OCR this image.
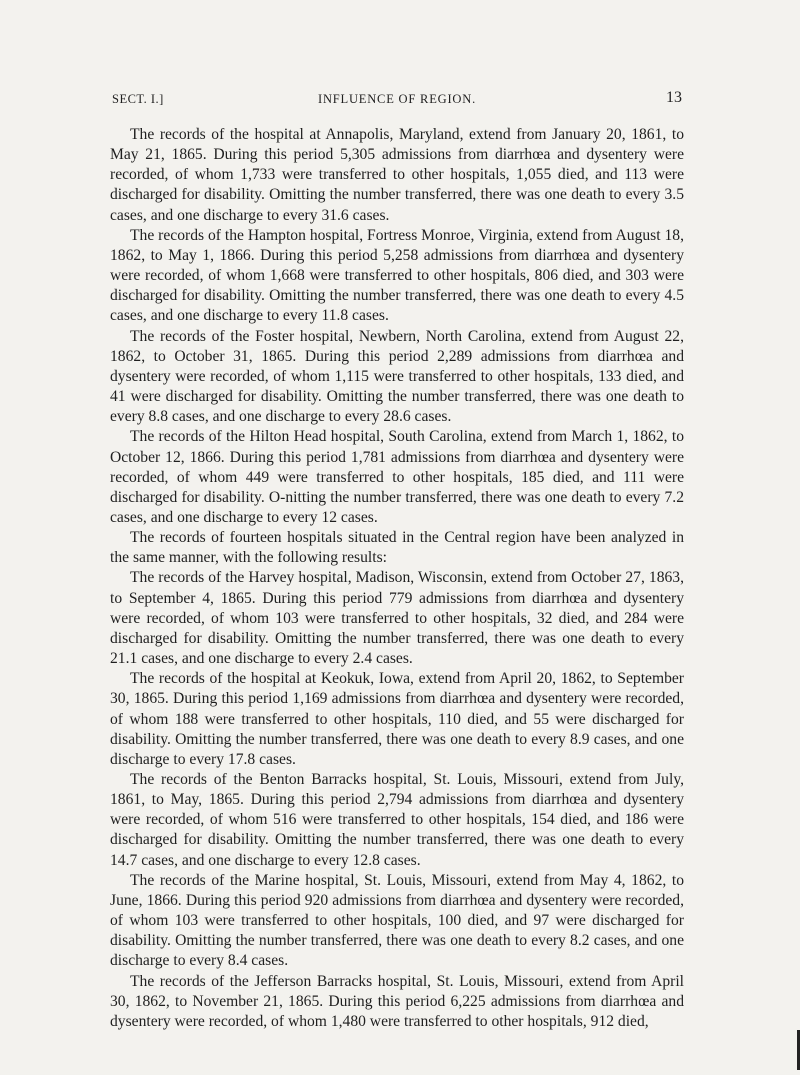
SECT. I.]	INFLUENCE OF REGION.	13

The records of the hospital at Annapolis, Maryland, extend from January 20, 1861, to May 21, 1865. During this period 5,305 admissions from diarrhœa and dysentery were recorded, of whom 1,733 were transferred to other hospitals, 1,055 died, and 113 were discharged for disability. Omitting the number transferred, there was one death to every 3.5 cases, and one discharge to every 31.6 cases.

The records of the Hampton hospital, Fortress Monroe, Virginia, extend from August 18, 1862, to May 1, 1866. During this period 5,258 admissions from diarrhœa and dysentery were recorded, of whom 1,668 were transferred to other hospitals, 806 died, and 303 were discharged for disability. Omitting the number transferred, there was one death to every 4.5 cases, and one discharge to every 11.8 cases.

The records of the Foster hospital, Newbern, North Carolina, extend from August 22, 1862, to October 31, 1865. During this period 2,289 admissions from diarrhœa and dysentery were recorded, of whom 1,115 were transferred to other hospitals, 133 died, and 41 were discharged for disability. Omitting the number transferred, there was one death to every 8.8 cases, and one discharge to every 28.6 cases.

The records of the Hilton Head hospital, South Carolina, extend from March 1, 1862, to October 12, 1866. During this period 1,781 admissions from diarrhœa and dysentery were recorded, of whom 449 were transferred to other hospitals, 185 died, and 111 were discharged for disability. O-nitting the number transferred, there was one death to every 7.2 cases, and one discharge to every 12 cases.

The records of fourteen hospitals situated in the Central region have been analyzed in the same manner, with the following results:

The records of the Harvey hospital, Madison, Wisconsin, extend from October 27, 1863, to September 4, 1865. During this period 779 admissions from diarrhœa and dysentery were recorded, of whom 103 were transferred to other hospitals, 32 died, and 284 were discharged for disability. Omitting the number transferred, there was one death to every 21.1 cases, and one discharge to every 2.4 cases.

The records of the hospital at Keokuk, Iowa, extend from April 20, 1862, to September 30, 1865. During this period 1,169 admissions from diarrhœa and dysentery were recorded, of whom 188 were transferred to other hospitals, 110 died, and 55 were discharged for disability. Omitting the number transferred, there was one death to every 8.9 cases, and one discharge to every 17.8 cases.

The records of the Benton Barracks hospital, St. Louis, Missouri, extend from July, 1861, to May, 1865. During this period 2,794 admissions from diarrhœa and dysentery were recorded, of whom 516 were transferred to other hospitals, 154 died, and 186 were discharged for disability. Omitting the number transferred, there was one death to every 14.7 cases, and one discharge to every 12.8 cases.

The records of the Marine hospital, St. Louis, Missouri, extend from May 4, 1862, to June, 1866. During this period 920 admissions from diarrhœa and dysentery were recorded, of whom 103 were transferred to other hospitals, 100 died, and 97 were discharged for disability. Omitting the number transferred, there was one death to every 8.2 cases, and one discharge to every 8.4 cases.

The records of the Jefferson Barracks hospital, St. Louis, Missouri, extend from April 30, 1862, to November 21, 1865. During this period 6,225 admissions from diarrhœa and dysentery were recorded, of whom 1,480 were transferred to other hospitals, 912 died,
